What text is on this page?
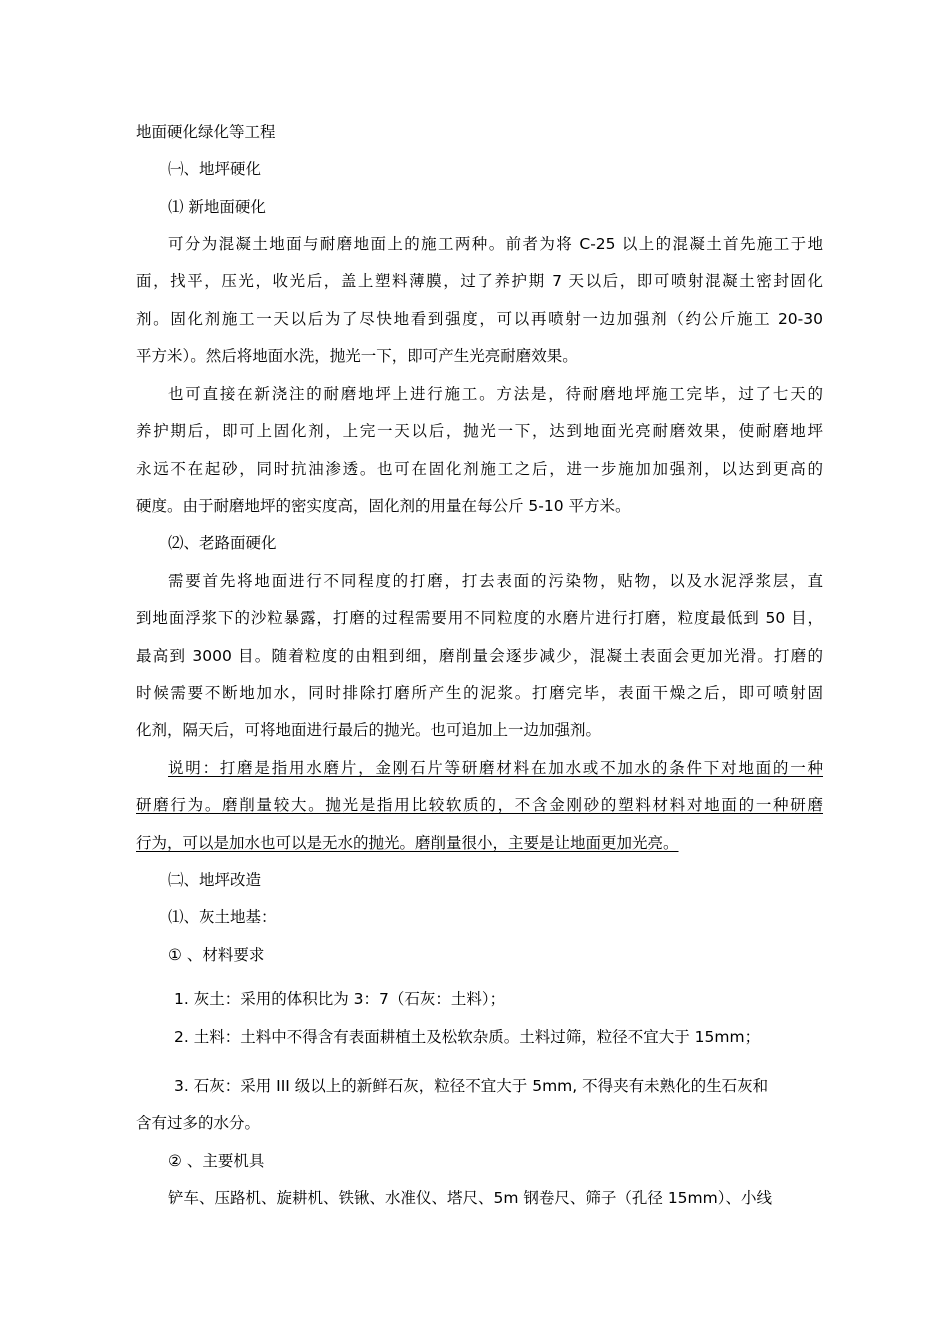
地面硬化绿化等工程
㈠、地坪硬化
⑴ 新地面硬化
可分为混凝土地面与耐磨地面上的施工两种。前者为将 C-25 以上的混凝土首先施工于地
面，找平，压光，收光后，盖上塑料薄膜，过了养护期 7 天以后，即可喷射混凝土密封固化
剂。固化剂施工一天以后为了尽快地看到强度，可以再喷射一边加强剂（约公斤施工 20-30
平方米）。然后将地面水洗，抛光一下，即可产生光亮耐磨效果。
也可直接在新浇注的耐磨地坪上进行施工。方法是，待耐磨地坪施工完毕，过了七天的
养护期后，即可上固化剂，上完一天以后，抛光一下，达到地面光亮耐磨效果，使耐磨地坪
永远不在起砂，同时抗油渗透。也可在固化剂施工之后，进一步施加加强剂，以达到更高的
硬度。由于耐磨地坪的密实度高，固化剂的用量在每公斤 5-10 平方米。
⑵、老路面硬化
需要首先将地面进行不同程度的打磨，打去表面的污染物，贴物，以及水泥浮浆层，直
到地面浮浆下的沙粒暴露，打磨的过程需要用不同粒度的水磨片进行打磨，粒度最低到 50 目，
最高到 3000 目。随着粒度的由粗到细，磨削量会逐步减少，混凝土表面会更加光滑。打磨的
时候需要不断地加水，同时排除打磨所产生的泥浆。打磨完毕，表面干燥之后，即可喷射固
化剂，隔天后，可将地面进行最后的抛光。也可追加上一边加强剂。
说明：打磨是指用水磨片，金刚石片等研磨材料在加水或不加水的条件下对地面的一种
研磨行为。磨削量较大。抛光是指用比较软质的，不含金刚砂的塑料材料对地面的一种研磨
行为，可以是加水也可以是无水的抛光。磨削量很小，主要是让地面更加光亮。
㈡、地坪改造
⑴、灰土地基：
① 、材料要求
1. 灰土：采用的体积比为 3：7（石灰：土料）；
2. 土料：土料中不得含有表面耕植土及松软杂质。土料过筛，粒径不宜大于 15mm；
3. 石灰：采用 III 级以上的新鲜石灰，粒径不宜大于 5mm, 不得夹有未熟化的生石灰和
含有过多的水分。
② 、主要机具
铲车、压路机、旋耕机、铁锹、水准仪、塔尺、5m 钢卷尺、筛子（孔径 15mm）、小线
